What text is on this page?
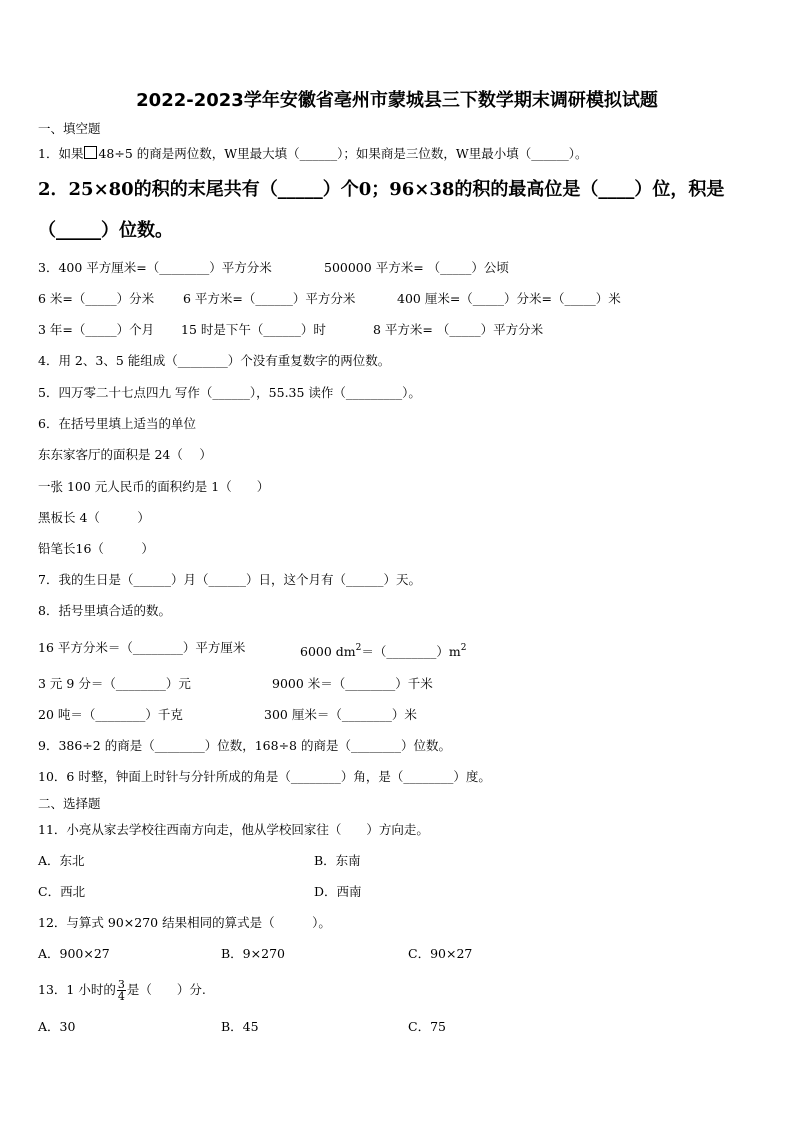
2022-2023学年安徽省亳州市蒙城县三下数学期末调研模拟试题
一、填空题
1．如果 48÷5 的商是两位数，W里最大填（______）；如果商是三位数，W里最小填（______）。
2．25×80的积的末尾共有（_____）个0；96×38的积的最高位是（____）位，积是
（_____）位数。
3．400 平方厘米=（________）平方分米	500000 平方米= （_____）公顷
6 米=（_____）分米 6 平方米=（______）平方分米	400 厘米=（_____）分米=（_____）米
3 年=（_____）个月 15 时是下午（______）时	8 平方米= （_____）平方分米
4．用 2、3、5 能组成（________）个没有重复数字的两位数。
5．四万零二十七点四九 写作（______），55.35 读作（_________）。
6．在括号里填上适当的单位
东东家客厅的面积是 24（　 ）
一张 100 元人民币的面积约是 1（　　）
黑板长 4（　　　）
铅笔长16（　　　）
7．我的生日是（______）月（______）日，这个月有（______）天。
8．括号里填合适的数。
16 平方分米＝（________）平方厘米	6000 $dm^2=(\_\_\_\_\_\_\_\_)m^2$
3 元 9 分＝（________）元	9000 米＝（________）千米
20 吨＝（________）千克	300 厘米＝（________）米
9．386÷2 的商是（________）位数，168÷8 的商是（________）位数。
10．6 时整，钟面上时针与分针所成的角是（________）角，是（________）度。
二、选择题
11．小亮从家去学校往西南方向走，他从学校回家往（　　）方向走。
A．东北	B．东南
C．西北	D．西南
12．与算式 90×270 结果相同的算式是（　　　）。
A．900×27	B．9×270	C．90×27
13．1 小时的 $\frac{3}{4}$ 是（　　）分.
A．30	B．45	C．75
